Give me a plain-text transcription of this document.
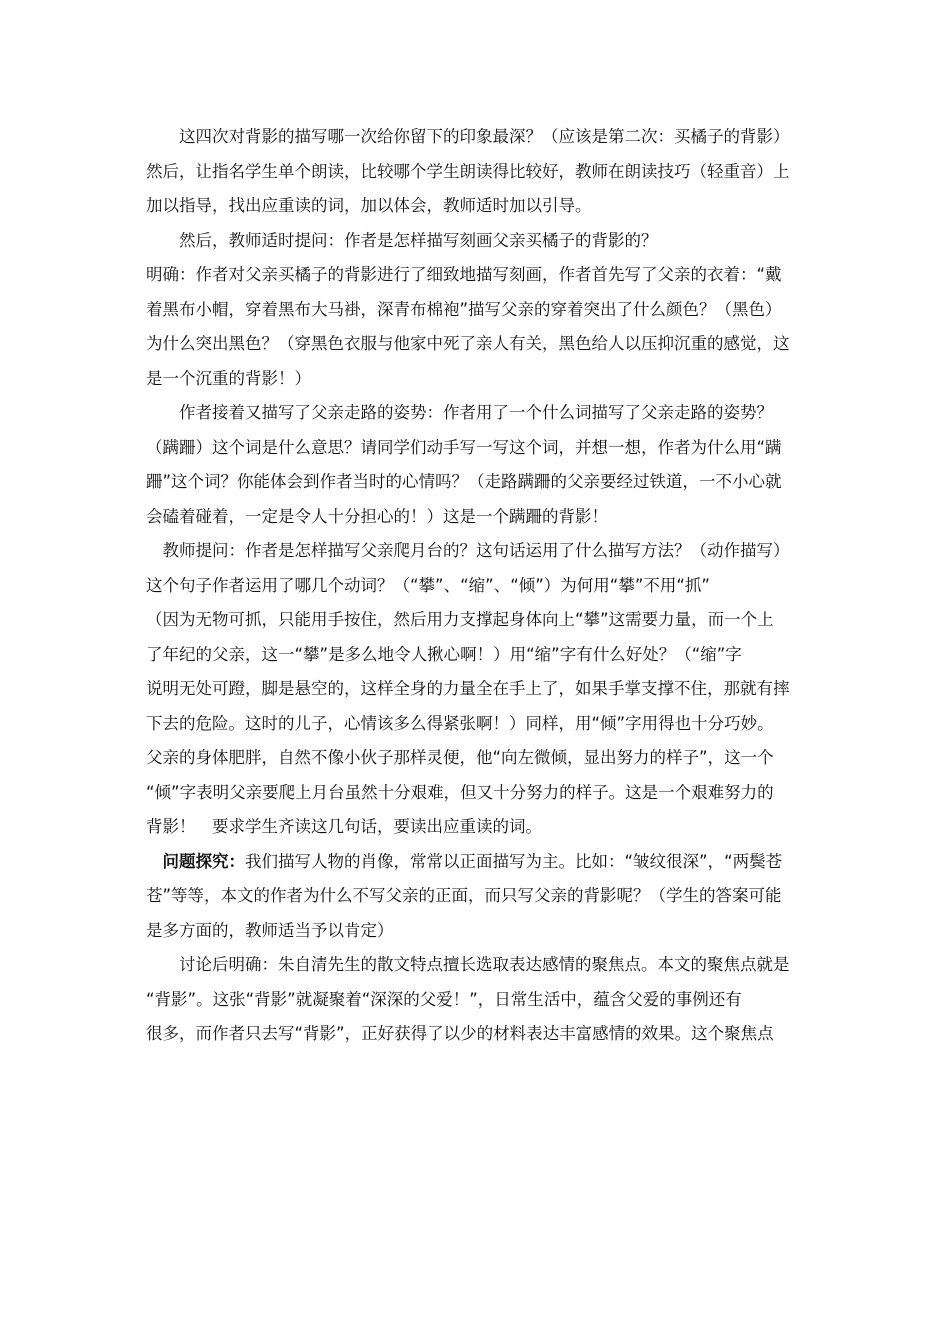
　　这四次对背影的描写哪一次给你留下的印象最深？（应该是第二次：买橘子的背影）
然后，让指名学生单个朗读，比较哪个学生朗读得比较好，教师在朗读技巧（轻重音）上
加以指导，找出应重读的词，加以体会，教师适时加以引导。
　　然后，教师适时提问：作者是怎样描写刻画父亲买橘子的背影的？
明确：作者对父亲买橘子的背影进行了细致地描写刻画，作者首先写了父亲的衣着：“戴
着黑布小帽，穿着黑布大马褂，深青布棉袍”描写父亲的穿着突出了什么颜色？（黑色）
为什么突出黑色？（穿黑色衣服与他家中死了亲人有关，黑色给人以压抑沉重的感觉，这
是一个沉重的背影！）
　　作者接着又描写了父亲走路的姿势：作者用了一个什么词描写了父亲走路的姿势？
（蹒跚）这个词是什么意思？请同学们动手写一写这个词，并想一想，作者为什么用“蹒
跚”这个词？你能体会到作者当时的心情吗？（走路蹒跚的父亲要经过铁道，一不小心就
会磕着碰着，一定是令人十分担心的！）这是一个蹒跚的背影！
　教师提问：作者是怎样描写父亲爬月台的？这句话运用了什么描写方法？（动作描写）
这个句子作者运用了哪几个动词？（“攀”、“缩”、“倾”）为何用“攀”不用“抓”
（因为无物可抓，只能用手按住，然后用力支撑起身体向上“攀”这需要力量，而一个上
了年纪的父亲，这一“攀”是多么地令人揪心啊！）用“缩”字有什么好处？（“缩”字
说明无处可蹬，脚是悬空的，这样全身的力量全在手上了，如果手掌支撑不住，那就有摔
下去的危险。这时的儿子，心情该多么得紧张啊！）同样，用“倾”字用得也十分巧妙。
父亲的身体肥胖，自然不像小伙子那样灵便，他“向左微倾，显出努力的样子”，这一个
“倾”字表明父亲要爬上月台虽然十分艰难，但又十分努力的样子。这是一个艰难努力的
背影！　要求学生齐读这几句话，要读出应重读的词。
　问题探究：我们描写人物的肖像，常常以正面描写为主。比如：“皱纹很深”，“两鬓苍
苍”等等，本文的作者为什么不写父亲的正面，而只写父亲的背影呢？（学生的答案可能
是多方面的，教师适当予以肯定）
　　讨论后明确：朱自清先生的散文特点擅长选取表达感情的聚焦点。本文的聚焦点就是
“背影”。这张“背影”就凝聚着“深深的父爱！”，日常生活中，蕴含父爱的事例还有
很多，而作者只去写“背影”，正好获得了以少的材料表达丰富感情的效果。这个聚焦点
